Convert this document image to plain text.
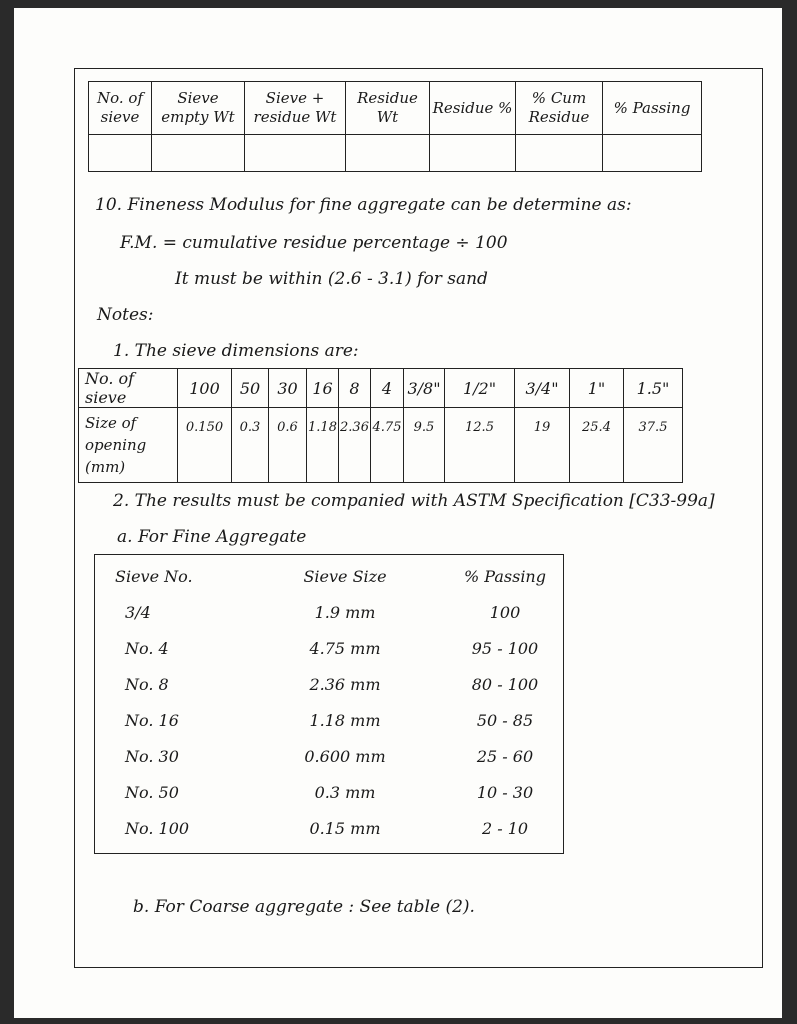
No. of sieve	Sieve empty Wt	Sieve + residue Wt	Residue Wt	Residue %	% Cum Residue	% Passing

10. Fineness Modulus for fine aggregate can be determine as:
F.M. = cumulative residue percentage ÷ 100
It must be within (2.6 - 3.1) for sand
Notes:
1. The sieve dimensions are:
No. of sieve	100	50	30	16	8	4	3/8"	1/2"	3/4"	1"	1.5"
Size of opening (mm)	0.150	0.3	0.6	1.18	2.36	4.75	9.5	12.5	19	25.4	37.5
2. The results must be companied with ASTM Specification [C33-99a]
a. For Fine Aggregate
Sieve No.	Sieve Size	% Passing
3/4	1.9 mm	100
No. 4	4.75 mm	95 - 100
No. 8	2.36 mm	80 - 100
No. 16	1.18 mm	50 - 85
No. 30	0.600 mm	25 - 60
No. 50	0.3 mm	10 - 30
No. 100	0.15 mm	2 - 10
b. For Coarse aggregate : See table (2).
